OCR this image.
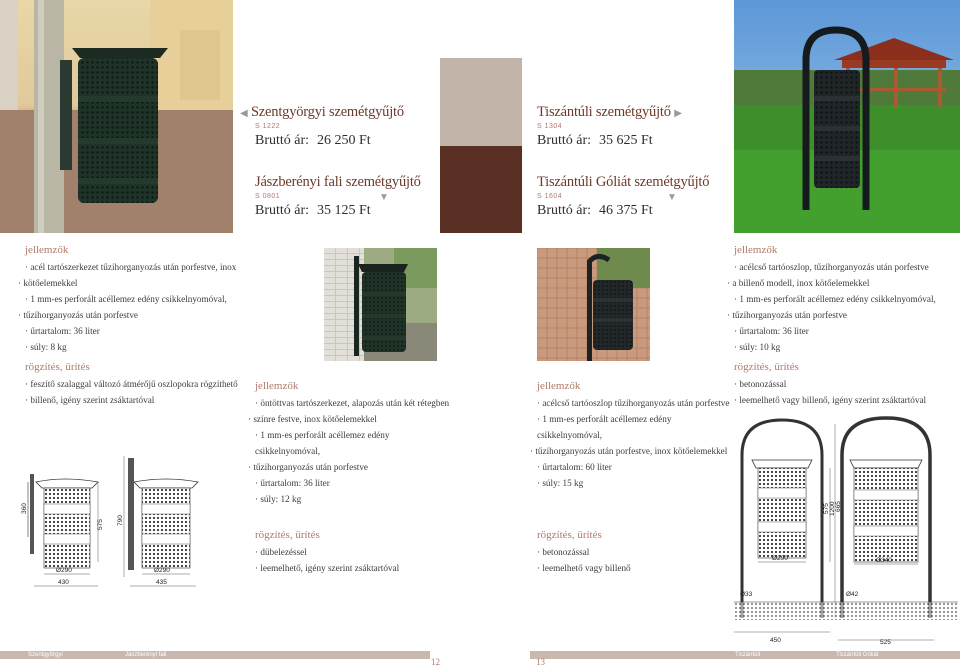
◀ Szentgyörgyi szemétgyűjtő
S 1222
Bruttó ár: 26 250 Ft
Jászberényi fali szemétgyűjtő
S 0801	▼
Bruttó ár: 35 125 Ft
Tiszántúli szemétgyűjtő ▶
S 1304
Bruttó ár: 35 625 Ft
Tiszántúli Góliát szemétgyűjtő
S 1604	▼
Bruttó ár: 46 375 Ft
jellemzők
· acél tartószerkezet tűzihorganyozás után porfestve, inox
· kötőelemekkel
· 1 mm-es perforált acéllemez edény csikkelnyomóval,
· tűzihorganyozás után porfestve
· űrtartalom: 36 liter
· súly: 8 kg
rögzítés, ürítés
· feszítő szalaggal változó átmérőjű oszlopokra rögzíthető
· billenő, igény szerint zsáktartóval
jellemzők
· öntöttvas tartószerkezet, alapozás után két rétegben
· színre festve, inox kötőelemekkel
· 1 mm-es perforált acéllemez edény csikkelnyomóval,
· tűzihorganyozás után porfestve
· űrtartalom: 36 liter
· súly: 12 kg
rögzítés, ürítés
· dübelezéssel
· leemelhető, igény szerint zsáktartóval
jellemzők
· acélcső tartóoszlop tűzihorganyozás után porfestve
· 1 mm-es perforált acéllemez edény csikkelnyomóval,
· tűzihorganyozás után porfestve, inox kötőelemekkel
· űrtartalom: 60 liter
· súly: 15 kg
rögzítés, ürítés
· betonozással
· leemelhető vagy billenő
jellemzők
· acélcső tartóoszlop, tűzihorganyozás után porfestve
· a billenő modell, inox kötőelemekkel
· 1 mm-es perforált acéllemez edény csikkelnyomóval,
· tűzihorganyozás után porfestve
· űrtartalom: 36 liter
· súly: 10 kg
rögzítés, ürítés
· betonozással
· leemelhető vagy billenő, igény szerint zsáktartóval
360
575
Ø290
430
790
Ø290
435
Ø290
Ø33
Ø340
Ø42
575 1200 665
450	525
Szentgyörgyi	Jászberényi fali	Tiszántúli	Tiszántúli Góliát
12	13
